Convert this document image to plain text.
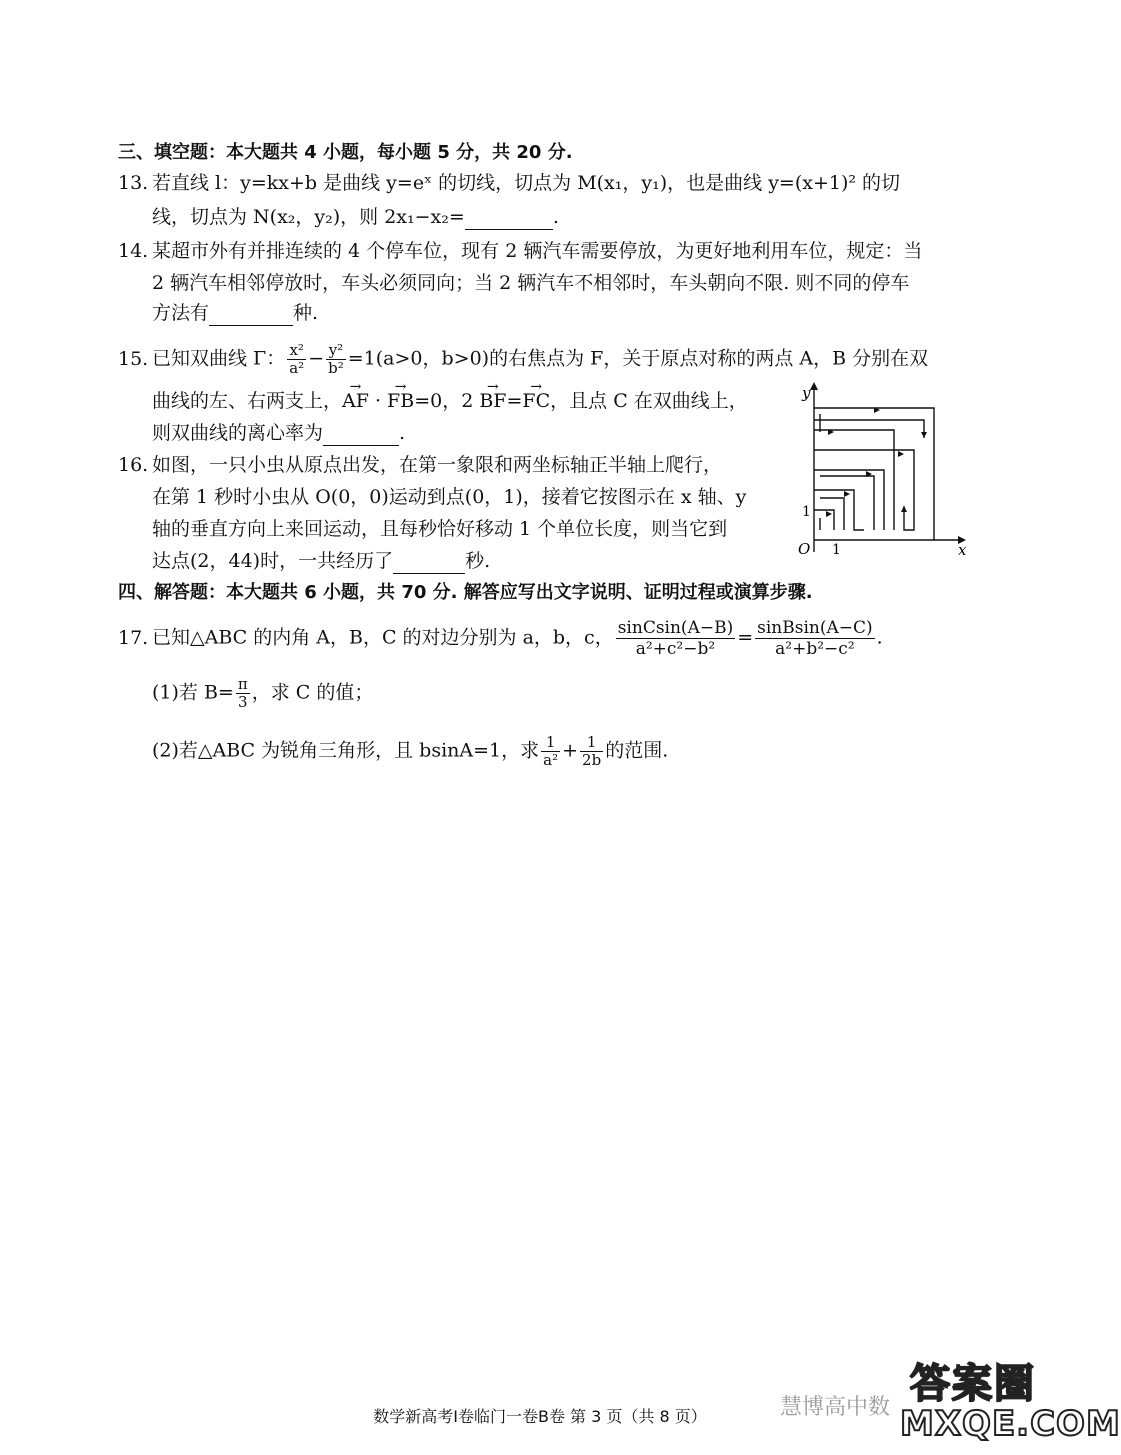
三、填空题：本大题共 4 小题，每小题 5 分，共 20 分.
13. 若直线 l：y=kx+b 是曲线 y=eˣ 的切线，切点为 M(x₁，y₁)，也是曲线 y=(x+1)² 的切
线，切点为 N(x₂，y₂)，则 2x₁−x₂=	.
14. 某超市外有并排连续的 4 个停车位，现有 2 辆汽车需要停放，为更好地利用车位，规定：当
2 辆汽车相邻停放时，车头必须同向；当 2 辆汽车不相邻时，车头朝向不限. 则不同的停车
方法有	种.
15. 已知双曲线 Γ： $\frac{\text{x²}}{\text{a²}} - \frac{\text{y²}}{\text{b²}} =1(a>0$，b>0)的右焦点为 F，关于原点对称的两点 A，B 分别在双
曲线的左、右两支上，→ AF · → FB=0，2 → BF=→ FC，且点 C 在双曲线上，
则双曲线的离心率为	.
16. 如图，一只小虫从原点出发，在第一象限和两坐标轴正半轴上爬行，
在第 1 秒时小虫从 O(0，0)运动到点(0，1)，接着它按图示在 x 轴、y
轴的垂直方向上来回运动，且每秒恰好移动 1 个单位长度，则当它到
达点(2，44)时，一共经历了	秒.
y
x
O 1
1
四、解答题：本大题共 6 小题，共 70 分. 解答应写出文字说明、证明过程或演算步骤.
17. 已知△ABC 的内角 A，B，C 的对边分别为 a，b，c， $\frac{\text{sinCsin(A−B)}}{\text{a²+c²−b²}} = \frac{\text{sinBsin(A−C)}}{\text{a²+b²−c²}}$ .
(1)若 $B= \frac{\pi}{3}$ ，求 C 的值；
(2)若△ABC 为锐角三角形，且 bsinA=1，求 $\frac{1}{\text{a²}} + \frac{1}{2b}$ 的范围.
数学新高考Ⅰ卷临门一卷B卷 第 3 页（共 8 页）	慧博高中数
答案圈
MXQE.COM
